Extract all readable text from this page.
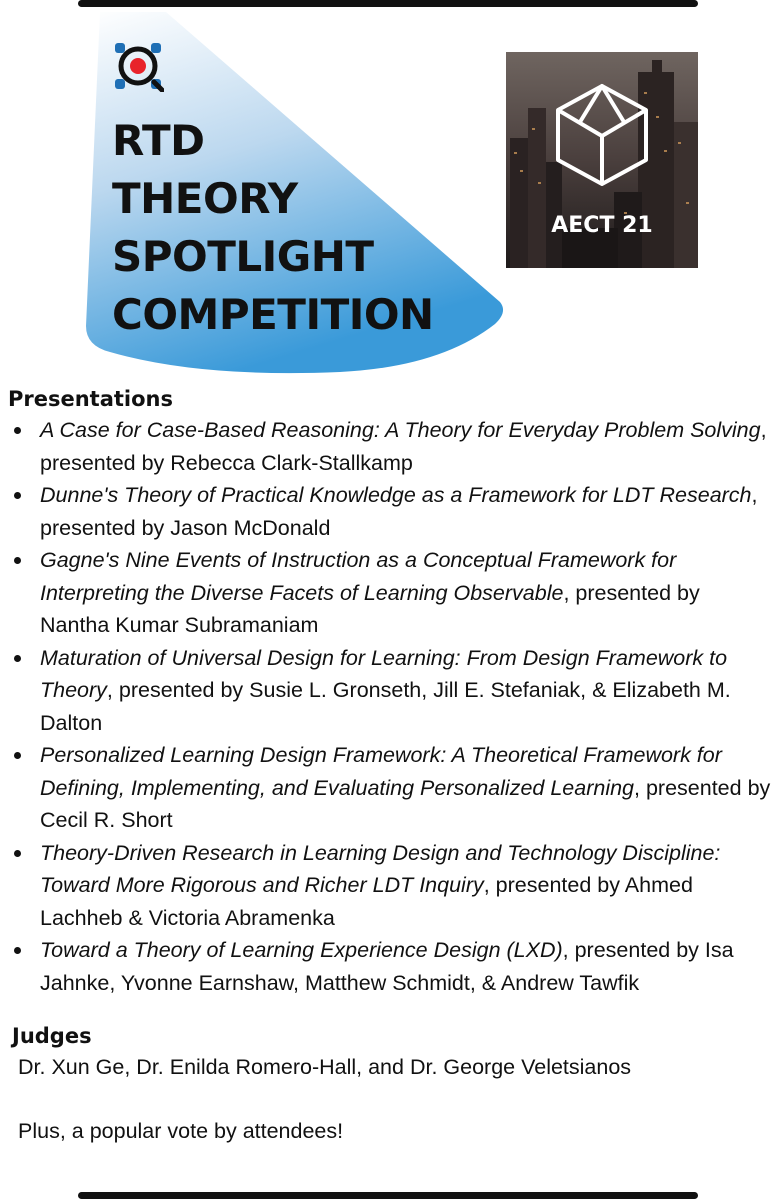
RTD
THEORY
SPOTLIGHT
COMPETITION
AECT 21
Presentations
A Case for Case-Based Reasoning: A Theory for Everyday Problem Solving, presented by Rebecca Clark-Stallkamp
Dunne's Theory of Practical Knowledge as a Framework for LDT Research, presented by Jason McDonald
Gagne's Nine Events of Instruction as a Conceptual Framework for Interpreting the Diverse Facets of Learning Observable, presented by Nantha Kumar Subramaniam
Maturation of Universal Design for Learning: From Design Framework to Theory, presented by Susie L. Gronseth, Jill E. Stefaniak, & Elizabeth M. Dalton
Personalized Learning Design Framework: A Theoretical Framework for Defining, Implementing, and Evaluating Personalized Learning, presented by Cecil R. Short
Theory-Driven Research in Learning Design and Technology Discipline: Toward More Rigorous and Richer LDT Inquiry, presented by Ahmed Lachheb & Victoria Abramenka
Toward a Theory of Learning Experience Design (LXD), presented by Isa Jahnke, Yvonne Earnshaw, Matthew Schmidt, & Andrew Tawfik
Judges

Dr. Xun Ge, Dr. Enilda Romero-Hall, and Dr. George Veletsianos

Plus, a popular vote by attendees!
